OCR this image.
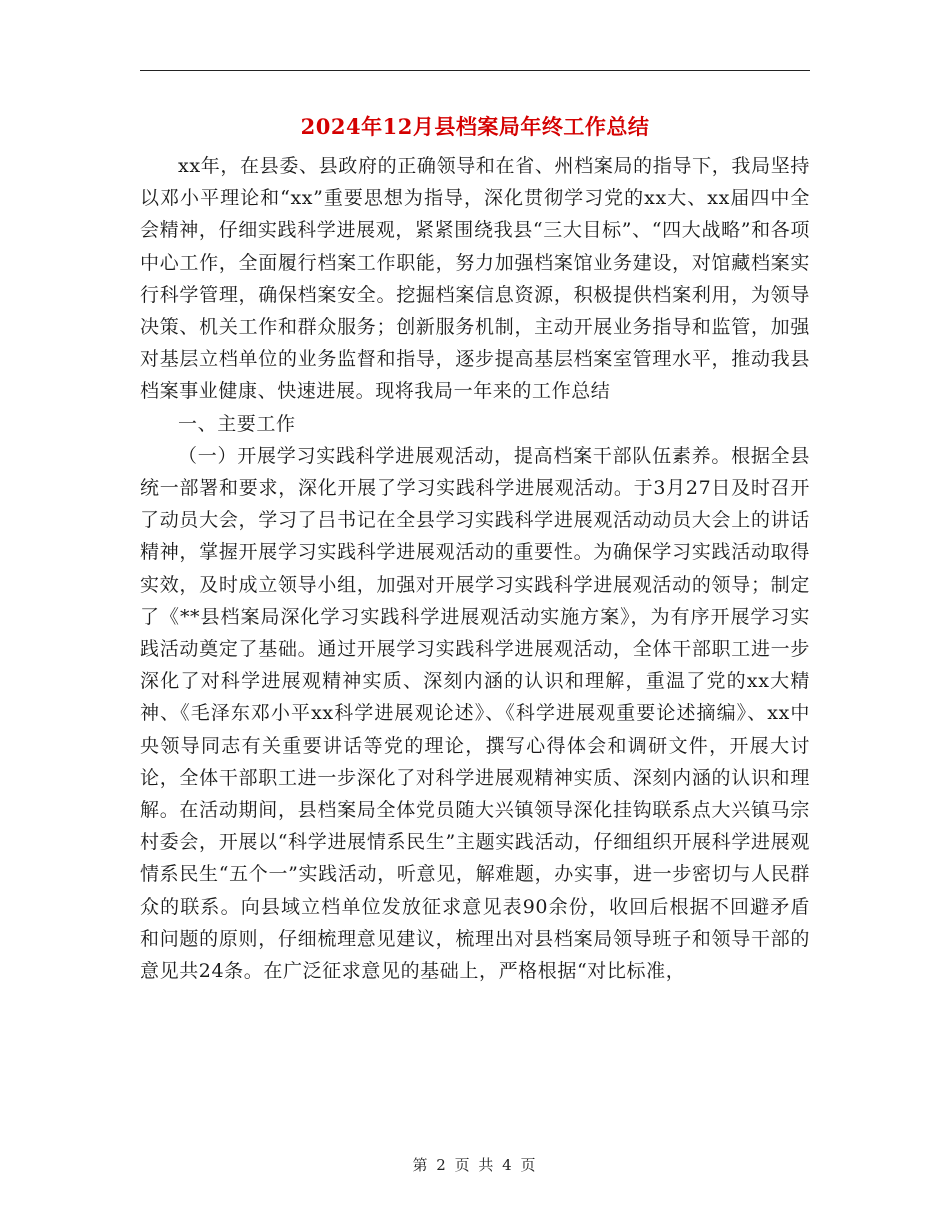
2024年12月县档案局年终工作总结

xx年，在县委、县政府的正确领导和在省、州档案局的指导下，我局坚持以邓小平理论和“xx”重要思想为指导，深化贯彻学习党的xx大、xx届四中全会精神，仔细实践科学进展观，紧紧围绕我县“三大目标”、“四大战略”和各项中心工作，全面履行档案工作职能，努力加强档案馆业务建设，对馆藏档案实行科学管理，确保档案安全。挖掘档案信息资源，积极提供档案利用，为领导决策、机关工作和群众服务；创新服务机制，主动开展业务指导和监管，加强对基层立档单位的业务监督和指导，逐步提高基层档案室管理水平，推动我县档案事业健康、快速进展。现将我局一年来的工作总结

一、主要工作

（一）开展学习实践科学进展观活动，提高档案干部队伍素养。根据全县统一部署和要求，深化开展了学习实践科学进展观活动。于3月27日及时召开了动员大会，学习了吕书记在全县学习实践科学进展观活动动员大会上的讲话精神，掌握开展学习实践科学进展观活动的重要性。为确保学习实践活动取得实效，及时成立领导小组，加强对开展学习实践科学进展观活动的领导；制定了《**县档案局深化学习实践科学进展观活动实施方案》，为有序开展学习实践活动奠定了基础。通过开展学习实践科学进展观活动，全体干部职工进一步深化了对科学进展观精神实质、深刻内涵的认识和理解，重温了党的xx大精神、《毛泽东邓小平xx科学进展观论述》、《科学进展观重要论述摘编》、xx中央领导同志有关重要讲话等党的理论，撰写心得体会和调研文件，开展大讨论，全体干部职工进一步深化了对科学进展观精神实质、深刻内涵的认识和理解。在活动期间，县档案局全体党员随大兴镇领导深化挂钩联系点大兴镇马宗村委会，开展以“科学进展情系民生”主题实践活动，仔细组织开展科学进展观情系民生“五个一”实践活动，听意见，解难题，办实事，进一步密切与人民群众的联系。向县域立档单位发放征求意见表90余份，收回后根据不回避矛盾和问题的原则，仔细梳理意见建议，梳理出对县档案局领导班子和领导干部的意见共24条。在广泛征求意见的基础上，严格根据“对比标准，

第 2 页 共 4 页
